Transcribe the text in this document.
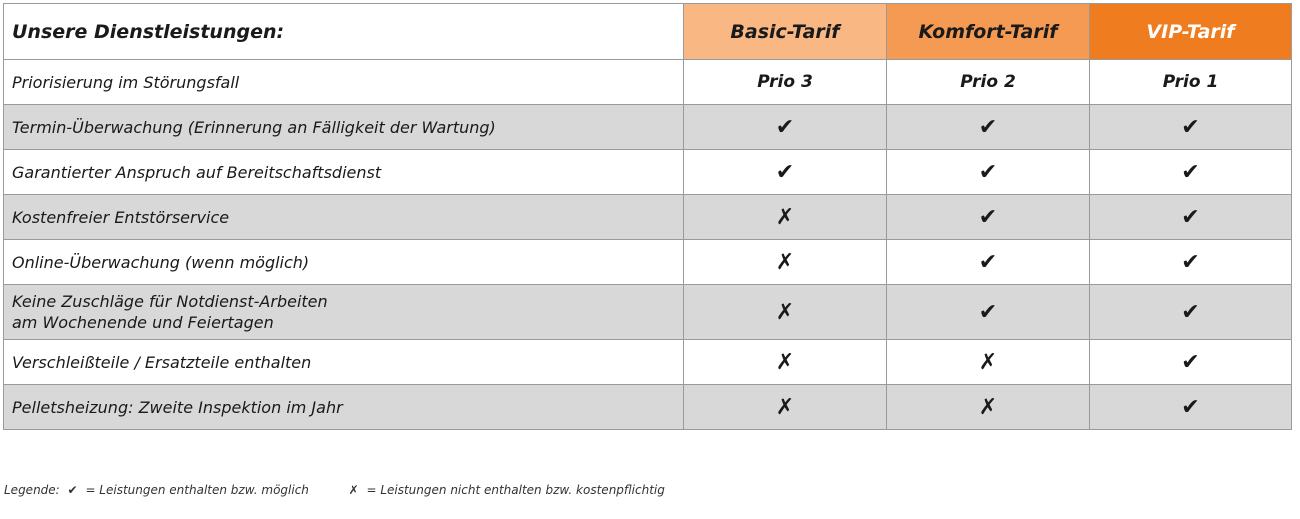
Unsere Dienstleistungen:	Basic-Tarif	Komfort-Tarif	VIP-Tarif
Priorisierung im Störungsfall	Prio 3	Prio 2	Prio 1
Termin-Überwachung (Erinnerung an Fälligkeit der Wartung)	✔	✔	✔
Garantierter Anspruch auf Bereitschaftsdienst	✔	✔	✔
Kostenfreier Entstörservice	✗	✔	✔
Online-Überwachung (wenn möglich)	✗	✔	✔

Keine Zuschläge für Notdienst-Arbeiten
am Wochenende und Feiertagen	✗	✔	✔
Verschleißteile / Ersatzteile enthalten	✗	✗	✔
Pelletsheizung: Zweite Inspektion im Jahr	✗	✗	✔
Legende: ✔ = Leistungen enthalten bzw. möglich	✗ = Leistungen nicht enthalten bzw. kostenpflichtig
